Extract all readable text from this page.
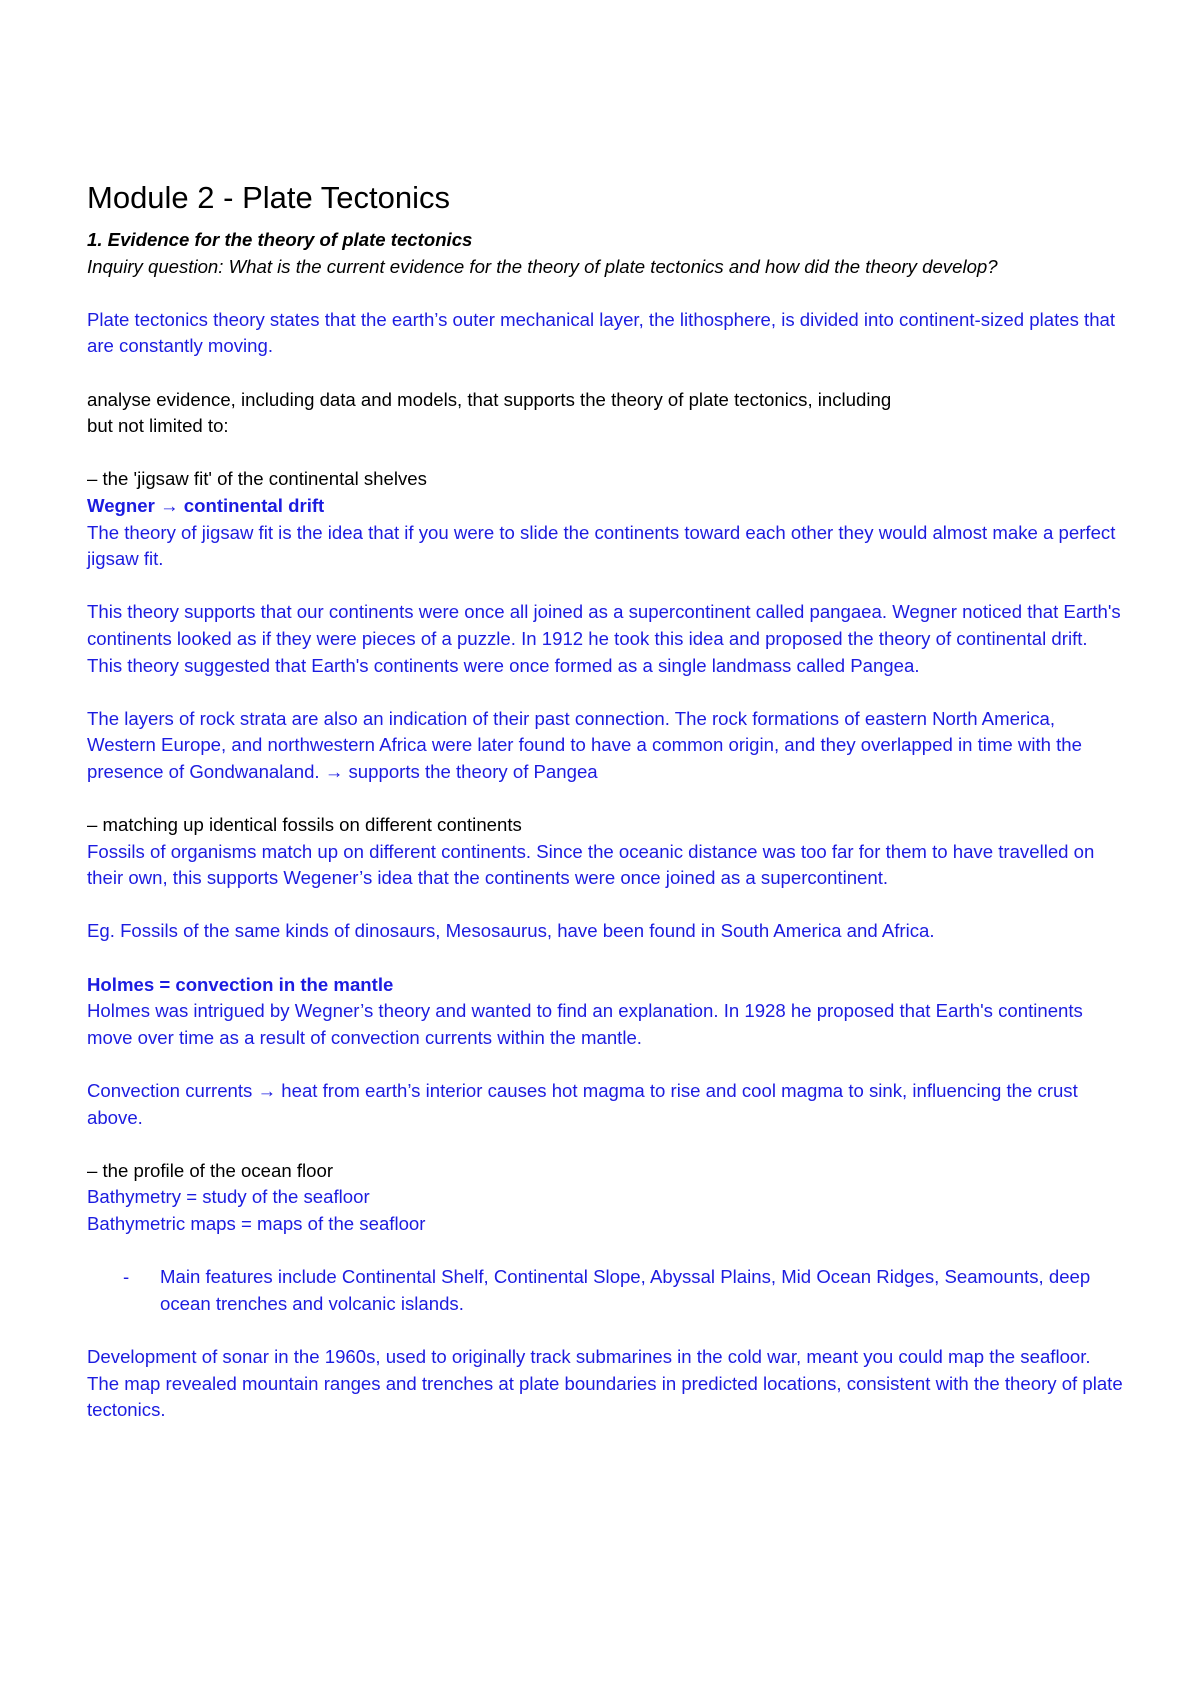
Module 2 - Plate Tectonics

1. Evidence for the theory of plate tectonics

Inquiry question: What is the current evidence for the theory of plate tectonics and how did the theory develop?

Plate tectonics theory states that the earth’s outer mechanical layer, the lithosphere, is divided into continent-sized plates that are constantly moving.

analyse evidence, including data and models, that supports the theory of plate tectonics, including

but not limited to:

– the 'jigsaw fit' of the continental shelves

Wegner → continental drift

The theory of jigsaw fit is the idea that if you were to slide the continents toward each other they would almost make a perfect jigsaw fit.

This theory supports that our continents were once all joined as a supercontinent called pangaea. Wegner noticed that Earth's continents looked as if they were pieces of a puzzle. In 1912 he took this idea and proposed the theory of continental drift. This theory suggested that Earth's continents were once formed as a single landmass called Pangea.

The layers of rock strata are also an indication of their past connection. The rock formations of eastern North America, Western Europe, and northwestern Africa were later found to have a common origin, and they overlapped in time with the presence of Gondwanaland. → supports the theory of Pangea

– matching up identical fossils on different continents

Fossils of organisms match up on different continents. Since the oceanic distance was too far for them to have travelled on their own, this supports Wegener’s idea that the continents were once joined as a supercontinent.

Eg. Fossils of the same kinds of dinosaurs, Mesosaurus, have been found in South America and Africa.

Holmes = convection in the mantle

Holmes was intrigued by Wegner’s theory and wanted to find an explanation. In 1928 he proposed that Earth's continents move over time as a result of convection currents within the mantle.

Convection currents → heat from earth’s interior causes hot magma to rise and cool magma to sink, influencing the crust above.

– the profile of the ocean floor

Bathymetry = study of the seafloor

Bathymetric maps = maps of the seafloor

-	Main features include Continental Shelf, Continental Slope, Abyssal Plains, Mid Ocean Ridges, Seamounts, deep ocean trenches and volcanic islands.

Development of sonar in the 1960s, used to originally track submarines in the cold war, meant you could map the seafloor. The map revealed mountain ranges and trenches at plate boundaries in predicted locations, consistent with the theory of plate tectonics.
